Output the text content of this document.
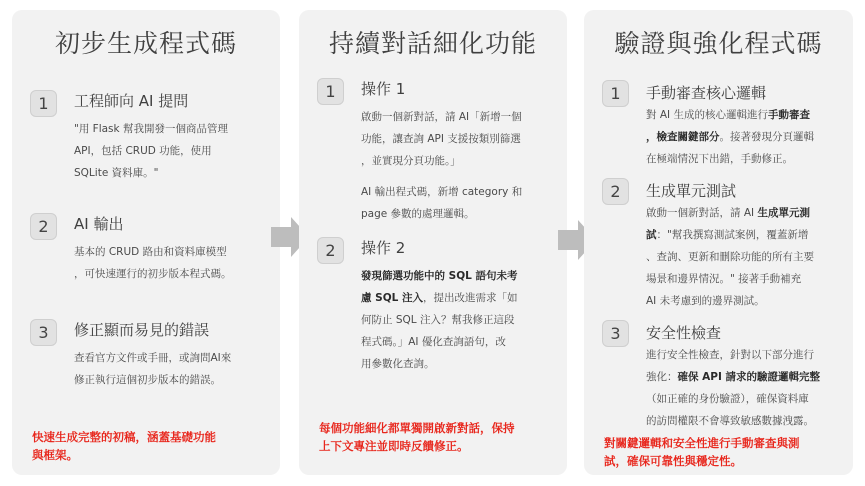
初步生成程式碼
1	工程師向 AI 提問

"用 Flask 幫我開發一個商品管理

API，包括 CRUD 功能，使用

SQLite 資料庫。"

2	AI 輸出

基本的 CRUD 路由和資料庫模型

，可快速運行的初步版本程式碼。

3	修正顯而易見的錯誤

查看官方文件或手冊，或詢問AI來

修正執行這個初步版本的錯誤。

快速生成完整的初稿，涵蓋基礎功能
與框架。
持續對話細化功能
1	操作 1

啟動一個新對話，請 AI「新增一個

功能，讓查詢 API 支援按類別篩選

，並實現分頁功能。」

AI 輸出程式碼，新增 category 和

page 參數的處理邏輯。

2	操作 2

發現篩選功能中的 SQL 語句未考

慮 SQL 注入，提出改進需求「如

何防止 SQL 注入？幫我修正這段

程式碼。」AI 優化查詢語句，改

用參數化查詢。

每個功能細化都單獨開啟新對話，保持
上下文專注並即時反饋修正。
驗證與強化程式碼
1	手動審查核心邏輯

對 AI 生成的核心邏輯進行手動審查

，檢查關鍵部分。接著發現分頁邏輯

在極端情況下出錯，手動修正。

2	生成單元測試

啟動一個新對話，請 AI 生成單元測

試："幫我撰寫測試案例，覆蓋新增

、查詢、更新和刪除功能的所有主要

場景和邊界情況。" 接著手動補充

AI 未考慮到的邊界測試。

3	安全性檢查

進行安全性檢查，針對以下部分進行

強化：確保 API 請求的驗證邏輯完整

（如正確的身份驗證），確保資料庫

的訪問權限不會導致敏感數據洩露。

對關鍵邏輯和安全性進行手動審查與測
試，確保可靠性與穩定性。
